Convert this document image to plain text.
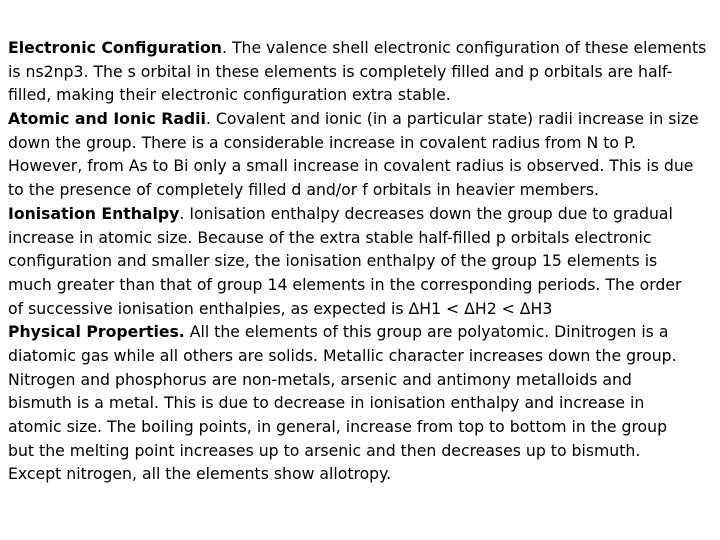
Electronic Configuration. The valence shell electronic configuration of these elements
is ns2np3. The s orbital in these elements is completely filled and p orbitals are half-
filled, making their electronic configuration extra stable.
Atomic and Ionic Radii. Covalent and ionic (in a particular state) radii increase in size
down the group. There is a considerable increase in covalent radius from N to P.
However, from As to Bi only a small increase in covalent radius is observed. This is due
to the presence of completely filled d and/or f orbitals in heavier members.
Ionisation Enthalpy. Ionisation enthalpy decreases down the group due to gradual
increase in atomic size. Because of the extra stable half-filled p orbitals electronic
configuration and smaller size, the ionisation enthalpy of the group 15 elements is
much greater than that of group 14 elements in the corresponding periods. The order
of successive ionisation enthalpies, as expected is ΔH1 < ΔH2 < ΔH3
Physical Properties. All the elements of this group are polyatomic. Dinitrogen is a
diatomic gas while all others are solids. Metallic character increases down the group.
Nitrogen and phosphorus are non-metals, arsenic and antimony metalloids and
bismuth is a metal. This is due to decrease in ionisation enthalpy and increase in
atomic size. The boiling points, in general, increase from top to bottom in the group
but the melting point increases up to arsenic and then decreases up to bismuth.
Except nitrogen, all the elements show allotropy.
